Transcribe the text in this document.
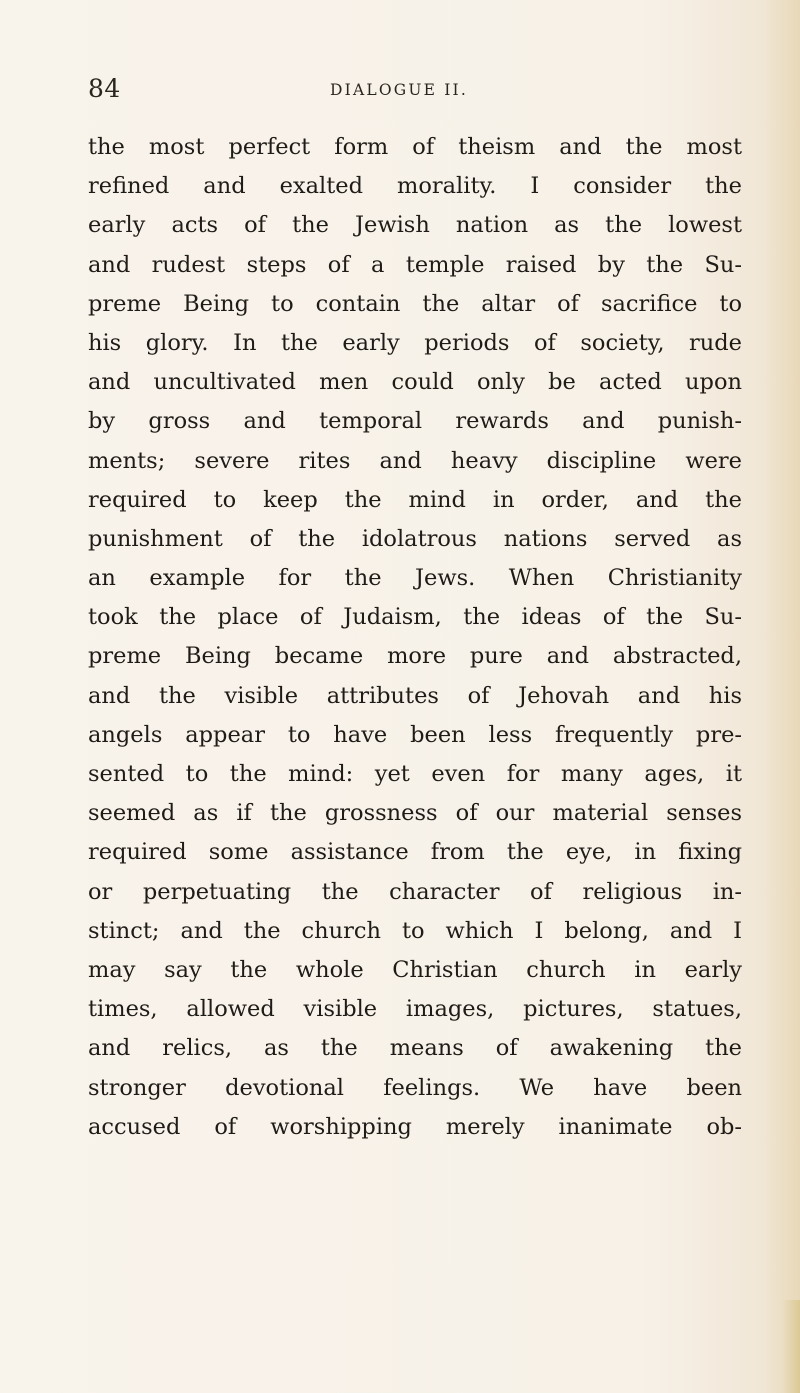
84	DIALOGUE II.
the most perfect form of theism and the most
refined and exalted morality. I consider the
early acts of the Jewish nation as the lowest
and rudest steps of a temple raised by the Su-
preme Being to contain the altar of sacrifice to
his glory. In the early periods of society, rude
and uncultivated men could only be acted upon
by gross and temporal rewards and punish-
ments; severe rites and heavy discipline were
required to keep the mind in order, and the
punishment of the idolatrous nations served as
an example for the Jews. When Christianity
took the place of Judaism, the ideas of the Su-
preme Being became more pure and abstracted,
and the visible attributes of Jehovah and his
angels appear to have been less frequently pre-
sented to the mind: yet even for many ages, it
seemed as if the grossness of our material senses
required some assistance from the eye, in fixing
or perpetuating the character of religious in-
stinct; and the church to which I belong, and I
may say the whole Christian church in early
times, allowed visible images, pictures, statues,
and relics, as the means of awakening the
stronger devotional feelings. We have been
accused of worshipping merely inanimate ob-
